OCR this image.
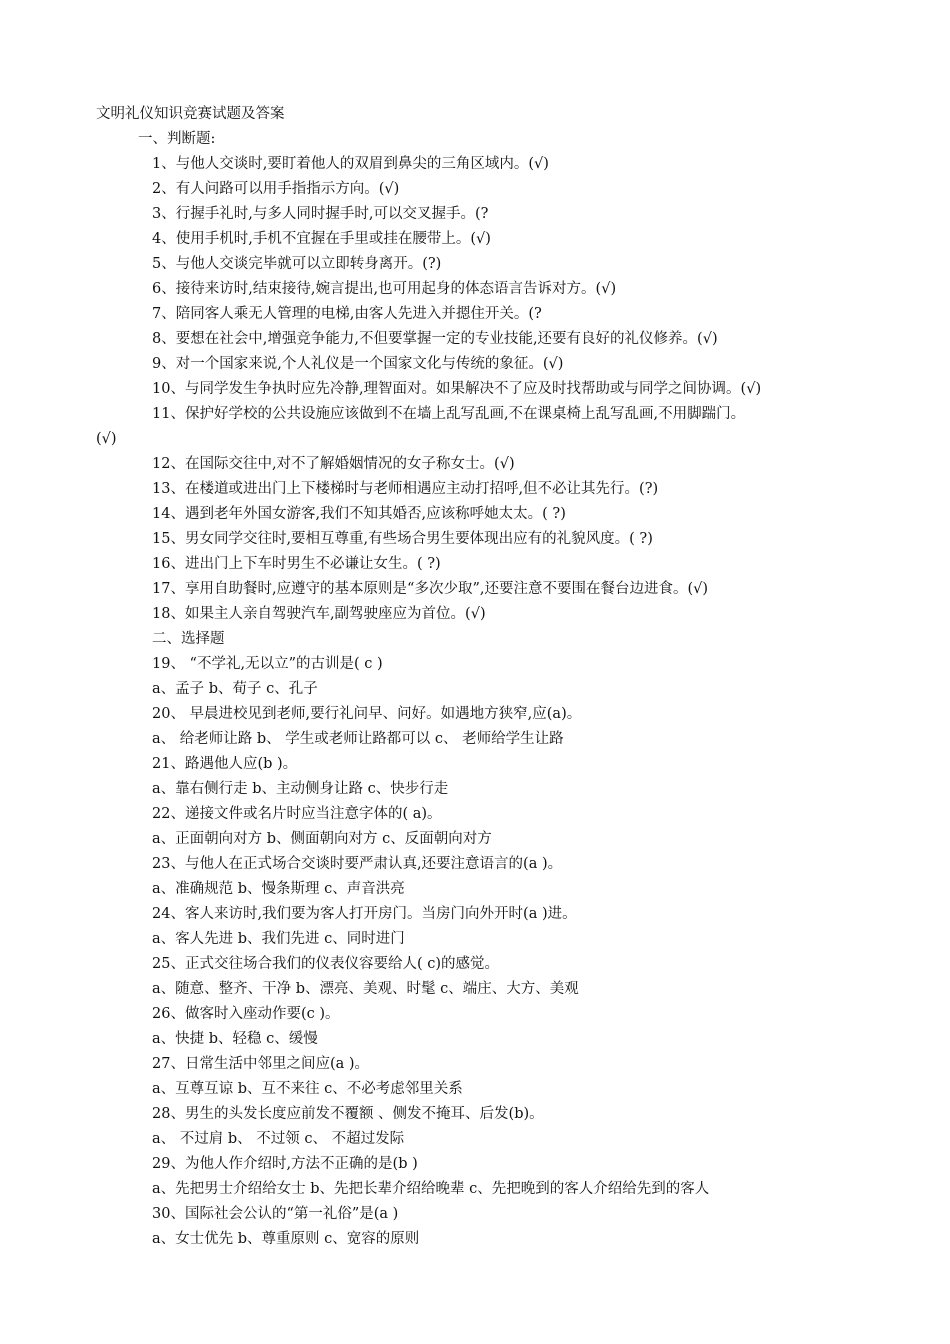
文明礼仪知识竞赛试题及答案
一、判断题:
1、与他人交谈时,要盯着他人的双眉到鼻尖的三角区域内。(√)
2、有人问路可以用手指指示方向。(√)
3、行握手礼时,与多人同时握手时,可以交叉握手。(?
4、使用手机时,手机不宜握在手里或挂在腰带上。(√)
5、与他人交谈完毕就可以立即转身离开。(?)
6、接待来访时,结束接待,婉言提出,也可用起身的体态语言告诉对方。(√)
7、陪同客人乘无人管理的电梯,由客人先进入并摁住开关。(?
8、要想在社会中,增强竞争能力,不但要掌握一定的专业技能,还要有良好的礼仪修养。(√)
9、对一个国家来说,个人礼仪是一个国家文化与传统的象征。(√)
10、与同学发生争执时应先冷静,理智面对。如果解决不了应及时找帮助或与同学之间协调。(√)
11、保护好学校的公共设施应该做到不在墙上乱写乱画,不在课桌椅上乱写乱画,不用脚踹门。
(√)
12、在国际交往中,对不了解婚姻情况的女子称女士。(√)
13、在楼道或进出门上下楼梯时与老师相遇应主动打招呼,但不必让其先行。(?)
14、遇到老年外国女游客,我们不知其婚否,应该称呼她太太。( ?)
15、男女同学交往时,要相互尊重,有些场合男生要体现出应有的礼貌风度。( ?)
16、进出门上下车时男生不必谦让女生。( ?)
17、享用自助餐时,应遵守的基本原则是“多次少取”,还要注意不要围在餐台边进食。(√)
18、如果主人亲自驾驶汽车,副驾驶座应为首位。(√)
二、选择题
19、 “不学礼,无以立”的古训是( c )
a、孟子 b、荀子 c、孔子
20、 早晨进校见到老师,要行礼问早、问好。如遇地方狭窄,应(a)。
a、 给老师让路 b、 学生或老师让路都可以 c、 老师给学生让路
21、路遇他人应(b )。
a、靠右侧行走 b、主动侧身让路 c、快步行走
22、递接文件或名片时应当注意字体的( a)。
a、正面朝向对方 b、侧面朝向对方 c、反面朝向对方
23、与他人在正式场合交谈时要严肃认真,还要注意语言的(a )。
a、准确规范 b、慢条斯理 c、声音洪亮
24、客人来访时,我们要为客人打开房门。当房门向外开时(a )进。
a、客人先进 b、我们先进 c、同时进门
25、正式交往场合我们的仪表仪容要给人( c)的感觉。
a、随意、整齐、干净 b、漂亮、美观、时髦 c、端庄、大方、美观
26、做客时入座动作要(c )。
a、快捷 b、轻稳 c、缓慢
27、日常生活中邻里之间应(a )。
a、互尊互谅 b、互不来往 c、不必考虑邻里关系
28、男生的头发长度应前发不覆额 、侧发不掩耳、后发(b)。
a、 不过肩 b、 不过领 c、 不超过发际
29、为他人作介绍时,方法不正确的是(b )
a、先把男士介绍给女士 b、先把长辈介绍给晚辈 c、先把晚到的客人介绍给先到的客人
30、国际社会公认的“第一礼俗”是(a )
a、女士优先 b、尊重原则 c、宽容的原则
